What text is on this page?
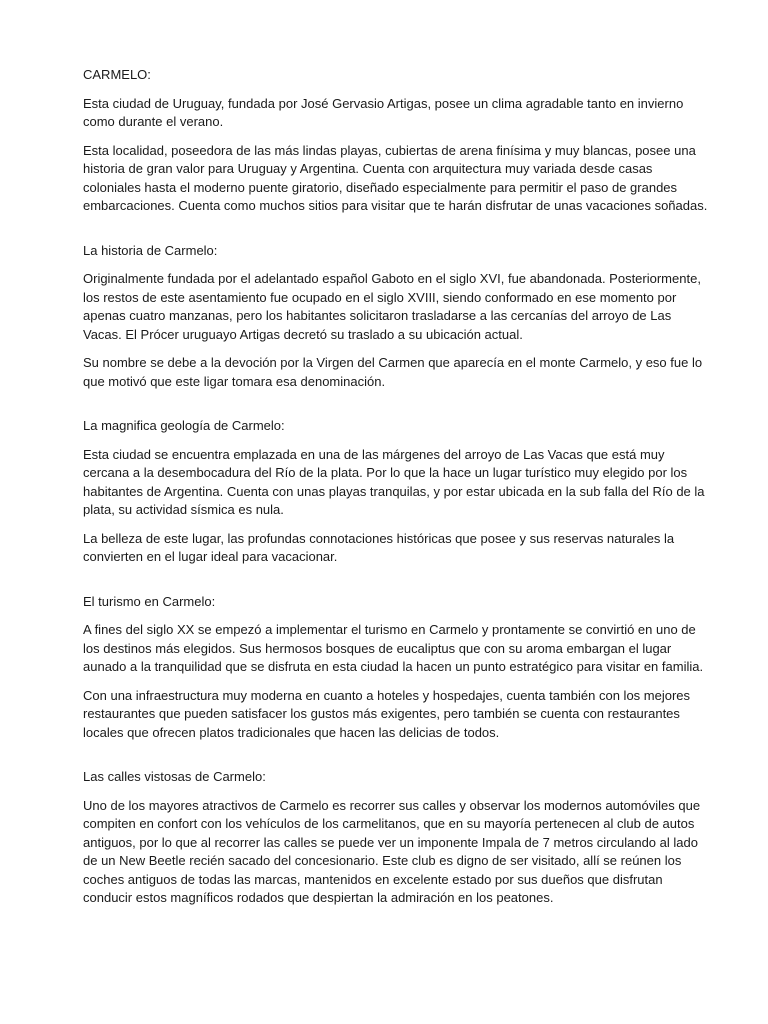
CARMELO:

Esta ciudad de Uruguay, fundada por José Gervasio Artigas, posee un clima agradable tanto en invierno como durante el verano.

Esta localidad, poseedora de las más lindas playas, cubiertas de arena finísima y muy blancas, posee una historia de gran valor para Uruguay y Argentina. Cuenta con arquitectura muy variada desde casas coloniales hasta el moderno puente giratorio, diseñado especialmente para permitir el paso de grandes embarcaciones. Cuenta como muchos sitios para visitar que te harán disfrutar de unas vacaciones soñadas.

La historia de Carmelo:

Originalmente fundada por el adelantado español Gaboto en el siglo XVI, fue abandonada. Posteriormente, los restos de este asentamiento fue ocupado en el siglo XVIII, siendo conformado en ese momento por apenas cuatro manzanas, pero los habitantes solicitaron trasladarse a las cercanías del arroyo de Las Vacas. El Prócer uruguayo Artigas decretó su traslado a su ubicación actual.

Su nombre se debe a la devoción por la Virgen del Carmen que aparecía en el monte Carmelo, y eso fue lo que motivó que este ligar tomara esa denominación.

La magnifica geología de Carmelo:

Esta ciudad se encuentra emplazada en una de las márgenes del arroyo de Las Vacas que está muy cercana a la desembocadura del Río de la plata. Por lo que la hace un lugar turístico muy elegido por los habitantes de Argentina. Cuenta con unas playas tranquilas, y por estar ubicada en la sub falla del Río de la plata, su actividad sísmica es nula.

La belleza de este lugar, las profundas connotaciones históricas que posee y sus reservas naturales la convierten en el lugar ideal para vacacionar.

El turismo en Carmelo:

A fines del siglo XX se empezó a implementar el turismo en Carmelo y prontamente se convirtió en uno de los destinos más elegidos. Sus hermosos bosques de eucaliptus que con su aroma embargan el lugar aunado a la tranquilidad que se disfruta en esta ciudad la hacen un punto estratégico para visitar en familia.

Con una infraestructura muy moderna en cuanto a hoteles y hospedajes, cuenta también con los mejores restaurantes que pueden satisfacer los gustos más exigentes, pero también se cuenta con restaurantes locales que ofrecen platos tradicionales que hacen las delicias de todos.

Las calles vistosas de Carmelo:

Uno de los mayores atractivos de Carmelo es recorrer sus calles y observar los modernos automóviles que compiten en confort con los vehículos de los carmelitanos, que en su mayoría pertenecen al club de autos antiguos, por lo que al recorrer las calles se puede ver un imponente Impala de 7 metros circulando al lado de un New Beetle recién sacado del concesionario. Este club es digno de ser visitado, allí se reúnen los coches antiguos de todas las marcas, mantenidos en excelente estado por sus dueños que disfrutan conducir estos magníficos rodados que despiertan la admiración en los peatones.
